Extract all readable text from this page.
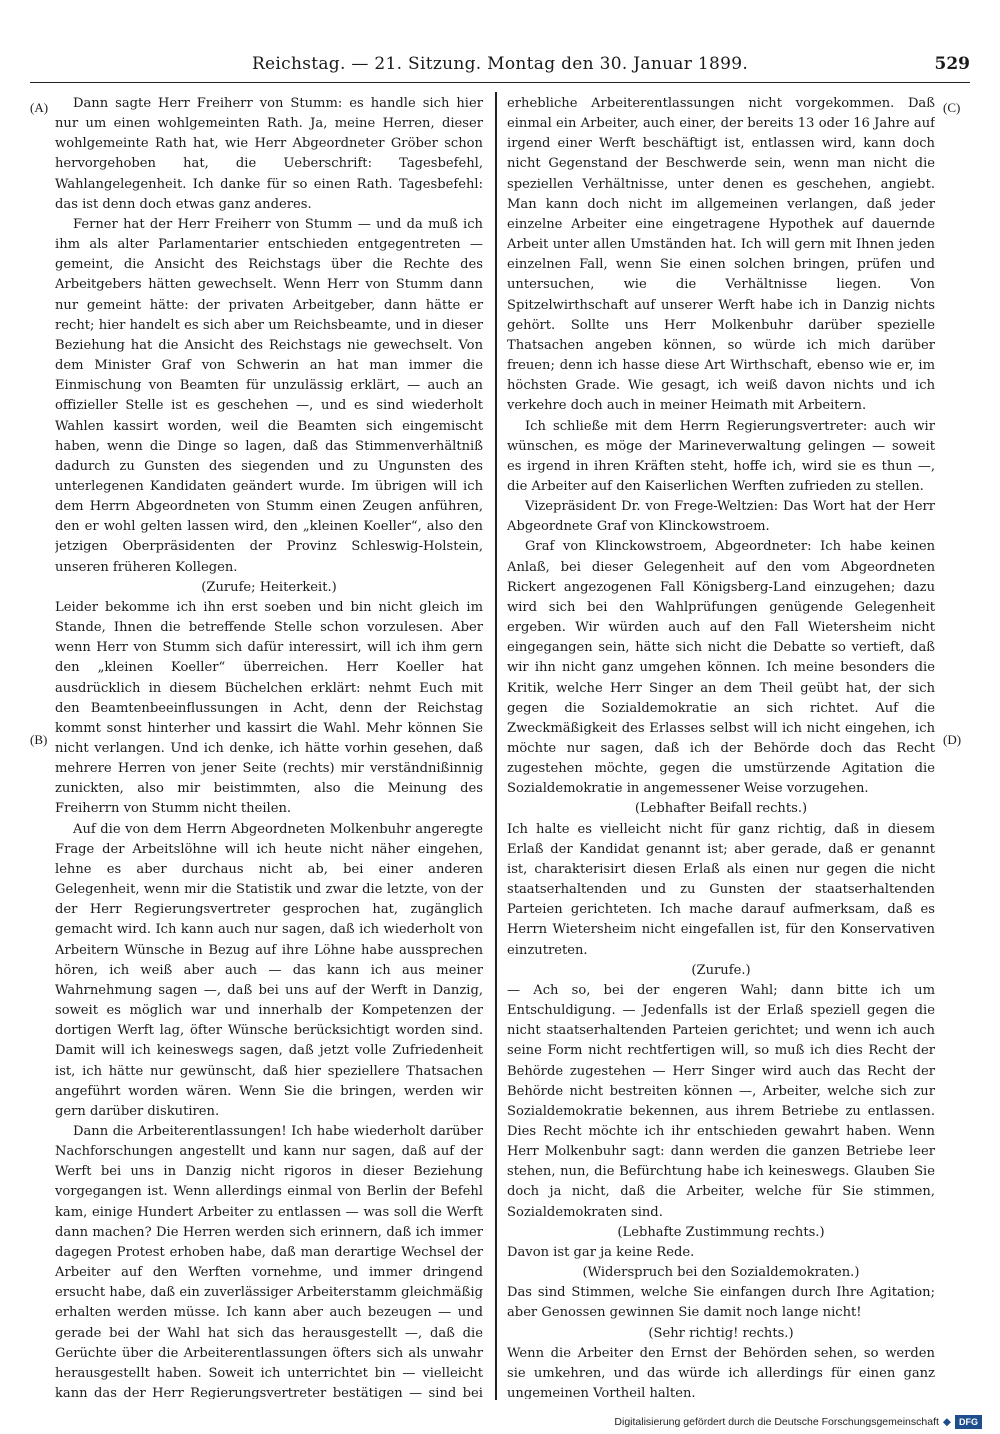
Reichstag. — 21. Sitzung. Montag den 30. Januar 1899.	529
(A)
(B)
(C)
(D)

Dann sagte Herr Freiherr von Stumm: es handle sich hier nur um einen wohlgemeinten Rath. Ja, meine Herren, dieser wohlgemeinte Rath hat, wie Herr Abgeordneter Gröber schon hervorgehoben hat, die Ueberschrift: Tagesbefehl, Wahlangelegenheit. Ich danke für so einen Rath. Tagesbefehl: das ist denn doch etwas ganz anderes.

Ferner hat der Herr Freiherr von Stumm — und da muß ich ihm als alter Parlamentarier entschieden entgegentreten — gemeint, die Ansicht des Reichstags über die Rechte des Arbeitgebers hätten gewechselt. Wenn Herr von Stumm dann nur gemeint hätte: der privaten Arbeitgeber, dann hätte er recht; hier handelt es sich aber um Reichsbeamte, und in dieser Beziehung hat die Ansicht des Reichstags nie gewechselt. Von dem Minister Graf von Schwerin an hat man immer die Einmischung von Beamten für unzulässig erklärt, — auch an offizieller Stelle ist es geschehen —, und es sind wiederholt Wahlen kassirt worden, weil die Beamten sich eingemischt haben, wenn die Dinge so lagen, daß das Stimmenverhältniß dadurch zu Gunsten des siegenden und zu Ungunsten des unterlegenen Kandidaten geändert wurde. Im übrigen will ich dem Herrn Abgeordneten von Stumm einen Zeugen anführen, den er wohl gelten lassen wird, den „kleinen Koeller“, also den jetzigen Oberpräsidenten der Provinz Schleswig-Holstein, unseren früheren Kollegen.

(Zurufe; Heiterkeit.)

Leider bekomme ich ihn erst soeben und bin nicht gleich im Stande, Ihnen die betreffende Stelle schon vorzulesen. Aber wenn Herr von Stumm sich dafür interessirt, will ich ihm gern den „kleinen Koeller“ überreichen. Herr Koeller hat ausdrücklich in diesem Büchelchen erklärt: nehmt Euch mit den Beamtenbeeinflussungen in Acht, denn der Reichstag kommt sonst hinterher und kassirt die Wahl. Mehr können Sie nicht verlangen. Und ich denke, ich hätte vorhin gesehen, daß mehrere Herren von jener Seite (rechts) mir verständnißinnig zunickten, also mir beistimmten, also die Meinung des Freiherrn von Stumm nicht theilen.

Auf die von dem Herrn Abgeordneten Molkenbuhr angeregte Frage der Arbeitslöhne will ich heute nicht näher eingehen, lehne es aber durchaus nicht ab, bei einer anderen Gelegenheit, wenn mir die Statistik und zwar die letzte, von der der Herr Regierungsvertreter gesprochen hat, zugänglich gemacht wird. Ich kann auch nur sagen, daß ich wiederholt von Arbeitern Wünsche in Bezug auf ihre Löhne habe aussprechen hören, ich weiß aber auch — das kann ich aus meiner Wahrnehmung sagen —, daß bei uns auf der Werft in Danzig, soweit es möglich war und innerhalb der Kompetenzen der dortigen Werft lag, öfter Wünsche berücksichtigt worden sind. Damit will ich keineswegs sagen, daß jetzt volle Zufriedenheit ist, ich hätte nur gewünscht, daß hier speziellere Thatsachen angeführt worden wären. Wenn Sie die bringen, werden wir gern darüber diskutiren.

Dann die Arbeiterentlassungen! Ich habe wiederholt darüber Nachforschungen angestellt und kann nur sagen, daß auf der Werft bei uns in Danzig nicht rigoros in dieser Beziehung vorgegangen ist. Wenn allerdings einmal von Berlin der Befehl kam, einige Hundert Arbeiter zu entlassen — was soll die Werft dann machen? Die Herren werden sich erinnern, daß ich immer dagegen Protest erhoben habe, daß man derartige Wechsel der Arbeiter auf den Werften vornehme, und immer dringend ersucht habe, daß ein zuverlässiger Arbeiterstamm gleichmäßig erhalten werden müsse. Ich kann aber auch bezeugen — und gerade bei der Wahl hat sich das herausgestellt —, daß die Gerüchte über die Arbeiterentlassungen öfters sich als unwahr herausgestellt haben. Soweit ich unterrichtet bin — vielleicht kann das der Herr Regierungsvertreter bestätigen — sind bei

erhebliche Arbeiterentlassungen nicht vorgekommen. Daß einmal ein Arbeiter, auch einer, der bereits 13 oder 16 Jahre auf irgend einer Werft beschäftigt ist, entlassen wird, kann doch nicht Gegenstand der Beschwerde sein, wenn man nicht die speziellen Verhältnisse, unter denen es geschehen, angiebt. Man kann doch nicht im allgemeinen verlangen, daß jeder einzelne Arbeiter eine eingetragene Hypothek auf dauernde Arbeit unter allen Umständen hat. Ich will gern mit Ihnen jeden einzelnen Fall, wenn Sie einen solchen bringen, prüfen und untersuchen, wie die Verhältnisse liegen. Von Spitzelwirthschaft auf unserer Werft habe ich in Danzig nichts gehört. Sollte uns Herr Molkenbuhr darüber spezielle Thatsachen angeben können, so würde ich mich darüber freuen; denn ich hasse diese Art Wirthschaft, ebenso wie er, im höchsten Grade. Wie gesagt, ich weiß davon nichts und ich verkehre doch auch in meiner Heimath mit Arbeitern.

Ich schließe mit dem Herrn Regierungsvertreter: auch wir wünschen, es möge der Marineverwaltung gelingen — soweit es irgend in ihren Kräften steht, hoffe ich, wird sie es thun —, die Arbeiter auf den Kaiserlichen Werften zufrieden zu stellen.

Vizepräsident Dr. von Frege-Weltzien: Das Wort hat der Herr Abgeordnete Graf von Klinckowstroem.

Graf von Klinckowstroem, Abgeordneter: Ich habe keinen Anlaß, bei dieser Gelegenheit auf den vom Abgeordneten Rickert angezogenen Fall Königsberg-Land einzugehen; dazu wird sich bei den Wahlprüfungen genügende Gelegenheit ergeben. Wir würden auch auf den Fall Wietersheim nicht eingegangen sein, hätte sich nicht die Debatte so vertieft, daß wir ihn nicht ganz umgehen können. Ich meine besonders die Kritik, welche Herr Singer an dem Theil geübt hat, der sich gegen die Sozialdemokratie an sich richtet. Auf die Zweckmäßigkeit des Erlasses selbst will ich nicht eingehen, ich möchte nur sagen, daß ich der Behörde doch das Recht zugestehen möchte, gegen die umstürzende Agitation die Sozialdemokratie in angemessener Weise vorzugehen.

(Lebhafter Beifall rechts.)

Ich halte es vielleicht nicht für ganz richtig, daß in diesem Erlaß der Kandidat genannt ist; aber gerade, daß er genannt ist, charakterisirt diesen Erlaß als einen nur gegen die nicht staatserhaltenden und zu Gunsten der staatserhaltenden Parteien gerichteten. Ich mache darauf aufmerksam, daß es Herrn Wietersheim nicht eingefallen ist, für den Konservativen einzutreten.

(Zurufe.)

— Ach so, bei der engeren Wahl; dann bitte ich um Entschuldigung. — Jedenfalls ist der Erlaß speziell gegen die nicht staatserhaltenden Parteien gerichtet; und wenn ich auch seine Form nicht rechtfertigen will, so muß ich dies Recht der Behörde zugestehen — Herr Singer wird auch das Recht der Behörde nicht bestreiten können —, Arbeiter, welche sich zur Sozialdemokratie bekennen, aus ihrem Betriebe zu entlassen. Dies Recht möchte ich ihr entschieden gewahrt haben. Wenn Herr Molkenbuhr sagt: dann werden die ganzen Betriebe leer stehen, nun, die Befürchtung habe ich keineswegs. Glauben Sie doch ja nicht, daß die Arbeiter, welche für Sie stimmen, Sozialdemokraten sind.

(Lebhafte Zustimmung rechts.)

Davon ist gar ja keine Rede.

(Widerspruch bei den Sozialdemokraten.)

Das sind Stimmen, welche Sie einfangen durch Ihre Agitation; aber Genossen gewinnen Sie damit noch lange nicht!

(Sehr richtig! rechts.)

Wenn die Arbeiter den Ernst der Behörden sehen, so werden sie umkehren, und das würde ich allerdings für einen ganz ungemeinen Vortheil halten.

Digitalisierung gefördert durch die Deutsche Forschungsgemeinschaft ◆ DFG
